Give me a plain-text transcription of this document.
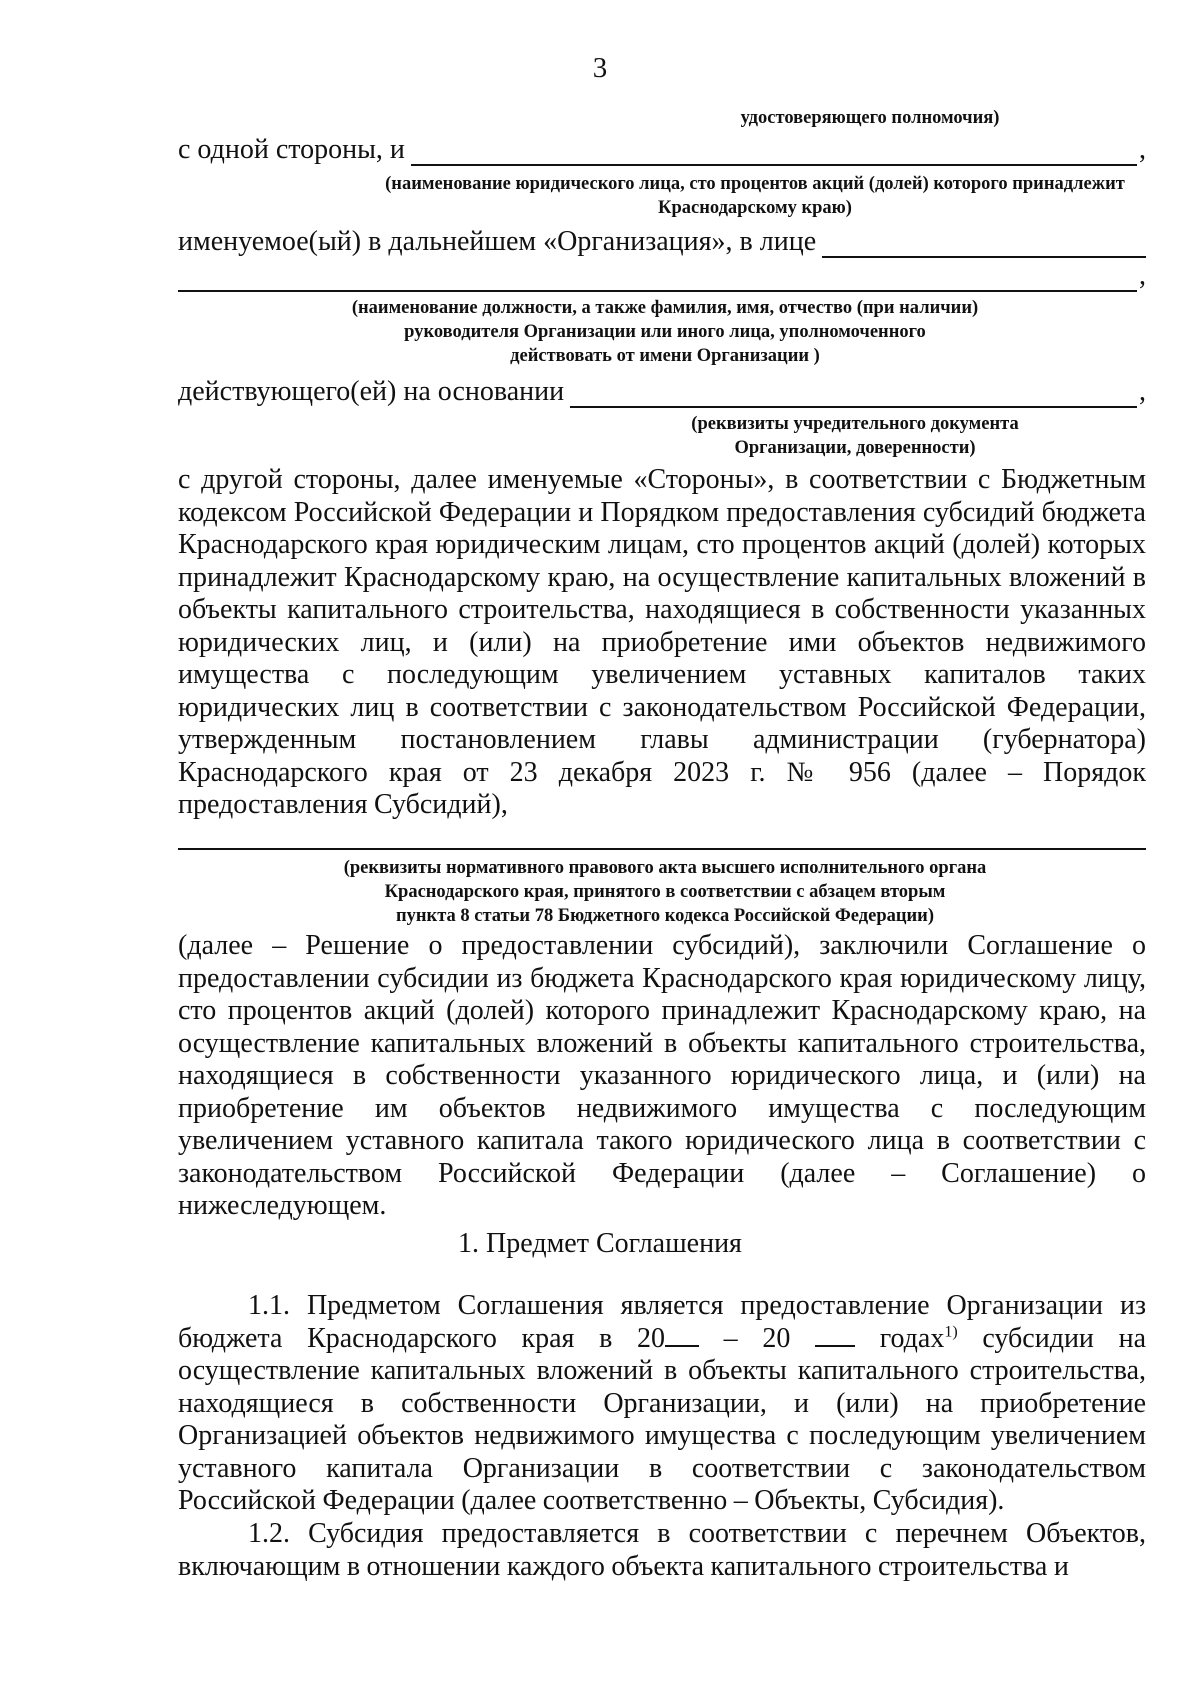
3
удостоверяющего полномочия)
с одной стороны, и	,
(наименование юридического лица, сто процентов акций (долей) которого принадлежит Краснодарскому краю)
именуемое(ый) в дальнейшем «Организация», в лице
,
(наименование должности, а также фамилия, имя, отчество (при наличии)
руководителя Организации или иного лица, уполномоченного
действовать от имени Организации )
действующего(ей) на основании	,
(реквизиты учредительного документа
Организации, доверенности)
с другой стороны, далее именуемые «Стороны», в соответствии с Бюджетным кодексом Российской Федерации и Порядком предоставления субсидий бюджета Краснодарского края юридическим лицам, сто процентов акций (долей) которых принадлежит Краснодарскому краю, на осуществление капитальных вложений в объекты капитального строительства, находящиеся в собственности указанных юридических лиц, и (или) на приобретение ими объектов недвижимого имущества с последующим увеличением уставных капиталов таких юридических лиц в соответствии с законодательством Российской Федерации, утвержденным постановлением главы администрации (губернатора) Краснодарского края от 23 декабря 2023 г. № 956 (далее – Порядок предоставления Субсидий),
(реквизиты нормативного правового акта высшего исполнительного органа
Краснодарского края, принятого в соответствии с абзацем вторым
пункта 8 статьи 78 Бюджетного кодекса Российской Федерации)
(далее – Решение о предоставлении субсидий), заключили Соглашение о предоставлении субсидии из бюджета Краснодарского края юридическому лицу, сто процентов акций (долей) которого принадлежит Краснодарскому краю, на осуществление капитальных вложений в объекты капитального строительства, находящиеся в собственности указанного юридического лица, и (или) на приобретение им объектов недвижимого имущества с последующим увеличением уставного капитала такого юридического лица в соответствии с законодательством Российской Федерации (далее – Соглашение) о нижеследующем.
1. Предмет Соглашения
1.1. Предметом Соглашения является предоставление Организации из бюджета Краснодарского края в 20 – 20  годах$^{1)}$ субсидии на осуществление капитальных вложений в объекты капитального строительства, находящиеся в собственности Организации, и (или) на приобретение Организацией объектов недвижимого имущества с последующим увеличением уставного капитала Организации в соответствии с законодательством Российской Федерации (далее соответственно – Объекты, Субсидия).
1.2. Субсидия предоставляется в соответствии с перечнем Объектов, включающим в отношении каждого объекта капитального строительства и
